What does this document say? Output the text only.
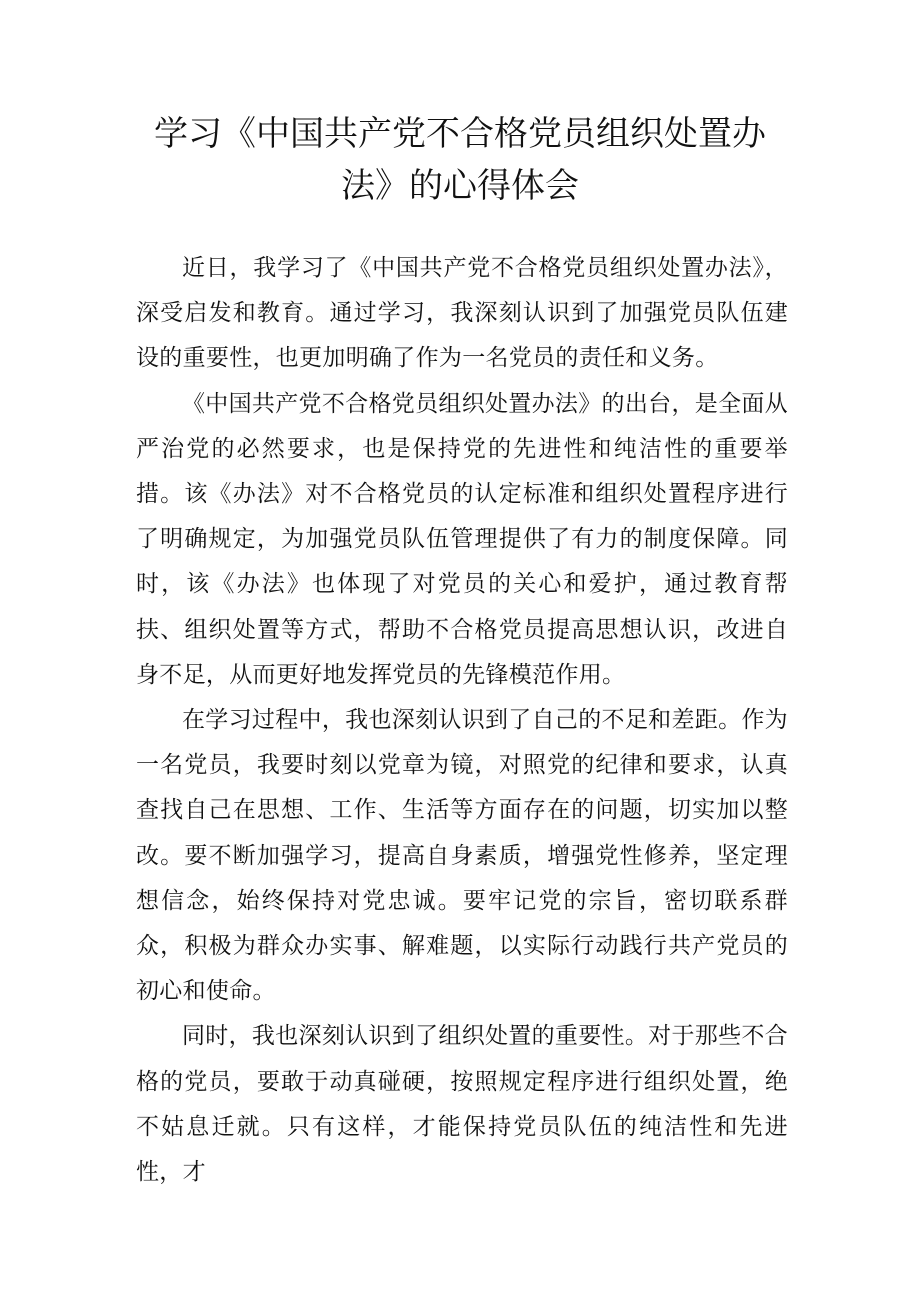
学习《中国共产党不合格党员组织处置办
法》的心得体会

近日，我学习了《中国共产党不合格党员组织处置办法》，深受启发和教育。通过学习，我深刻认识到了加强党员队伍建设的重要性，也更加明确了作为一名党员的责任和义务。

《中国共产党不合格党员组织处置办法》的出台，是全面从严治党的必然要求，也是保持党的先进性和纯洁性的重要举措。该《办法》对不合格党员的认定标准和组织处置程序进行了明确规定，为加强党员队伍管理提供了有力的制度保障。同时，该《办法》也体现了对党员的关心和爱护，通过教育帮扶、组织处置等方式，帮助不合格党员提高思想认识，改进自身不足，从而更好地发挥党员的先锋模范作用。

在学习过程中，我也深刻认识到了自己的不足和差距。作为一名党员，我要时刻以党章为镜，对照党的纪律和要求，认真查找自己在思想、工作、生活等方面存在的问题，切实加以整改。要不断加强学习，提高自身素质，增强党性修养，坚定理想信念，始终保持对党忠诚。要牢记党的宗旨，密切联系群众，积极为群众办实事、解难题，以实际行动践行共产党员的初心和使命。

同时，我也深刻认识到了组织处置的重要性。对于那些不合格的党员，要敢于动真碰硬，按照规定程序进行组织处置，绝不姑息迁就。只有这样，才能保持党员队伍的纯洁性和先进性，才
